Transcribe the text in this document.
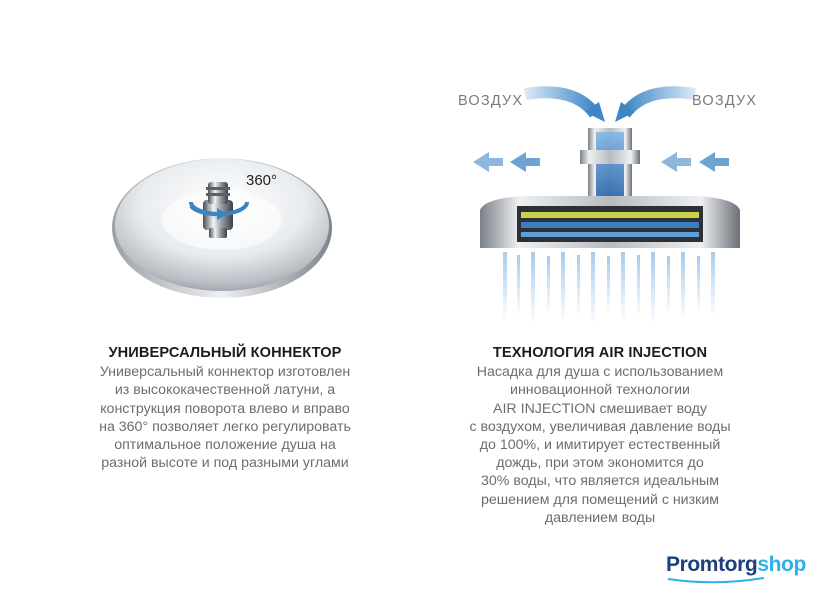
360°
ВОЗДУХ	ВОЗДУХ
УНИВЕРСАЛЬНЫЙ КОННЕКТОР
Универсальный коннектор изготовлен
из высококачественной латуни, а
конструкция поворота влево и вправо
на 360° позволяет легко регулировать
оптимальное положение душа на
разной высоте и под разными углами
ТЕХНОЛОГИЯ AIR INJECTION
Насадка для душа с использованием
инновационной технологии
AIR INJECTION смешивает воду
с воздухом, увеличивая давление воды
до 100%, и имитирует естественный
дождь, при этом экономится до
30% воды, что является идеальным
решением для помещений с низким
давлением воды
Promtorgshop
